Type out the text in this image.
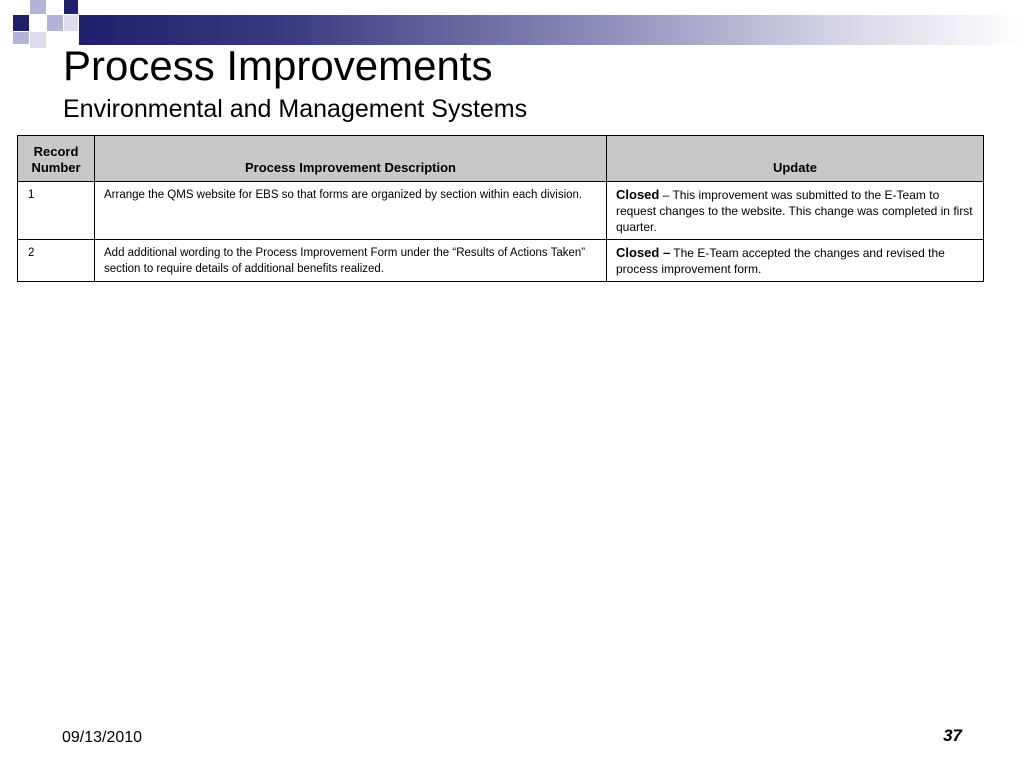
Process Improvements
Environmental and Management Systems
Record Number	Process Improvement Description	Update
1	Arrange the QMS website for EBS so that forms are organized by section within each division.	Closed – This improvement was submitted to the E-Team to request changes to the website. This change was completed in first quarter.
2	Add additional wording to the Process Improvement Form under the “Results of Actions Taken” section to require details of additional benefits realized.	Closed – The E-Team accepted the changes and revised the process improvement form.
09/13/2010	37
